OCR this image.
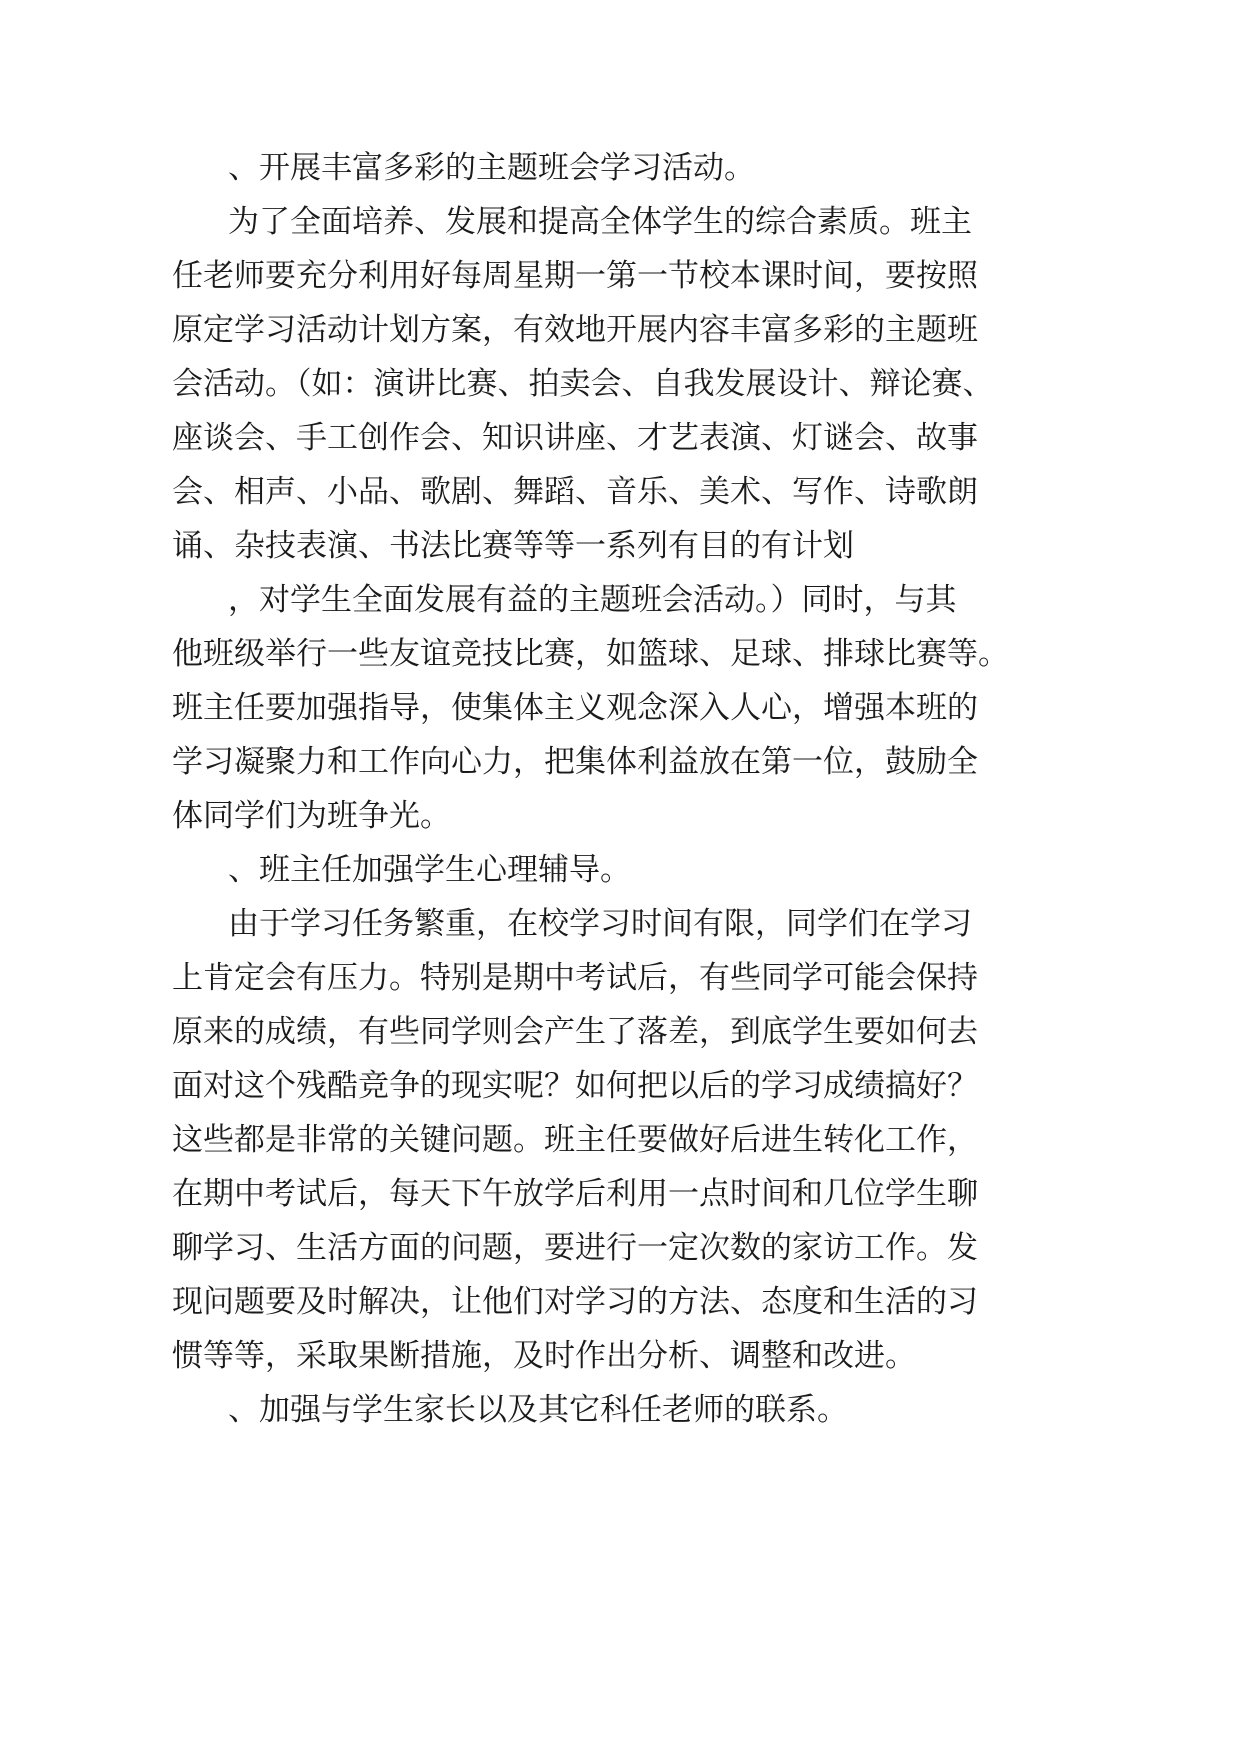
、开展丰富多彩的主题班会学习活动。
为了全面培养、发展和提高全体学生的综合素质。班主
任老师要充分利用好每周星期一第一节校本课时间，要按照
原定学习活动计划方案，有效地开展内容丰富多彩的主题班
会活动。（如：演讲比赛、拍卖会、自我发展设计、辩论赛、
座谈会、手工创作会、知识讲座、才艺表演、灯谜会、故事
会、相声、小品、歌剧、舞蹈、音乐、美术、写作、诗歌朗
诵、杂技表演、书法比赛等等一系列有目的有计划
，对学生全面发展有益的主题班会活动。）同时，与其
他班级举行一些友谊竞技比赛，如篮球、足球、排球比赛等。
班主任要加强指导，使集体主义观念深入人心，增强本班的
学习凝聚力和工作向心力，把集体利益放在第一位，鼓励全
体同学们为班争光。
、班主任加强学生心理辅导。
由于学习任务繁重，在校学习时间有限，同学们在学习
上肯定会有压力。特别是期中考试后，有些同学可能会保持
原来的成绩，有些同学则会产生了落差，到底学生要如何去
面对这个残酷竞争的现实呢？如何把以后的学习成绩搞好？
这些都是非常的关键问题。班主任要做好后进生转化工作，
在期中考试后，每天下午放学后利用一点时间和几位学生聊
聊学习、生活方面的问题，要进行一定次数的家访工作。发
现问题要及时解决，让他们对学习的方法、态度和生活的习
惯等等，采取果断措施，及时作出分析、调整和改进。
、加强与学生家长以及其它科任老师的联系。
